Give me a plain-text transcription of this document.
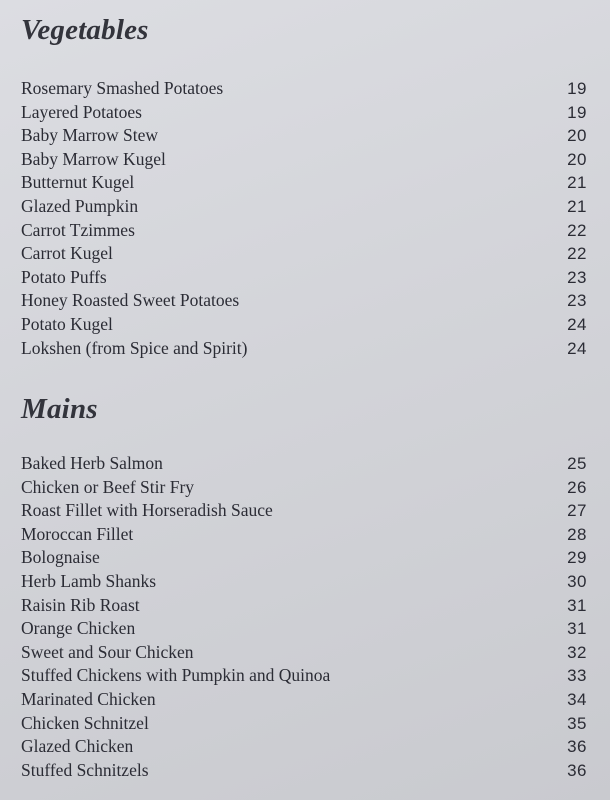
Vegetables
Rosemary Smashed Potatoes	19
Layered Potatoes	19
Baby Marrow Stew	20
Baby Marrow Kugel	20
Butternut Kugel	21
Glazed Pumpkin	21
Carrot Tzimmes	22
Carrot Kugel	22
Potato Puffs	23
Honey Roasted Sweet Potatoes	23
Potato Kugel	24
Lokshen (from Spice and Spirit)	24
Mains
Baked Herb Salmon	25
Chicken or Beef Stir Fry	26
Roast Fillet with Horseradish Sauce	27
Moroccan Fillet	28
Bolognaise	29
Herb Lamb Shanks	30
Raisin Rib Roast	31
Orange Chicken	31
Sweet and Sour Chicken	32
Stuffed Chickens with Pumpkin and Quinoa	33
Marinated Chicken	34
Chicken Schnitzel	35
Glazed Chicken	36
Stuffed Schnitzels	36
